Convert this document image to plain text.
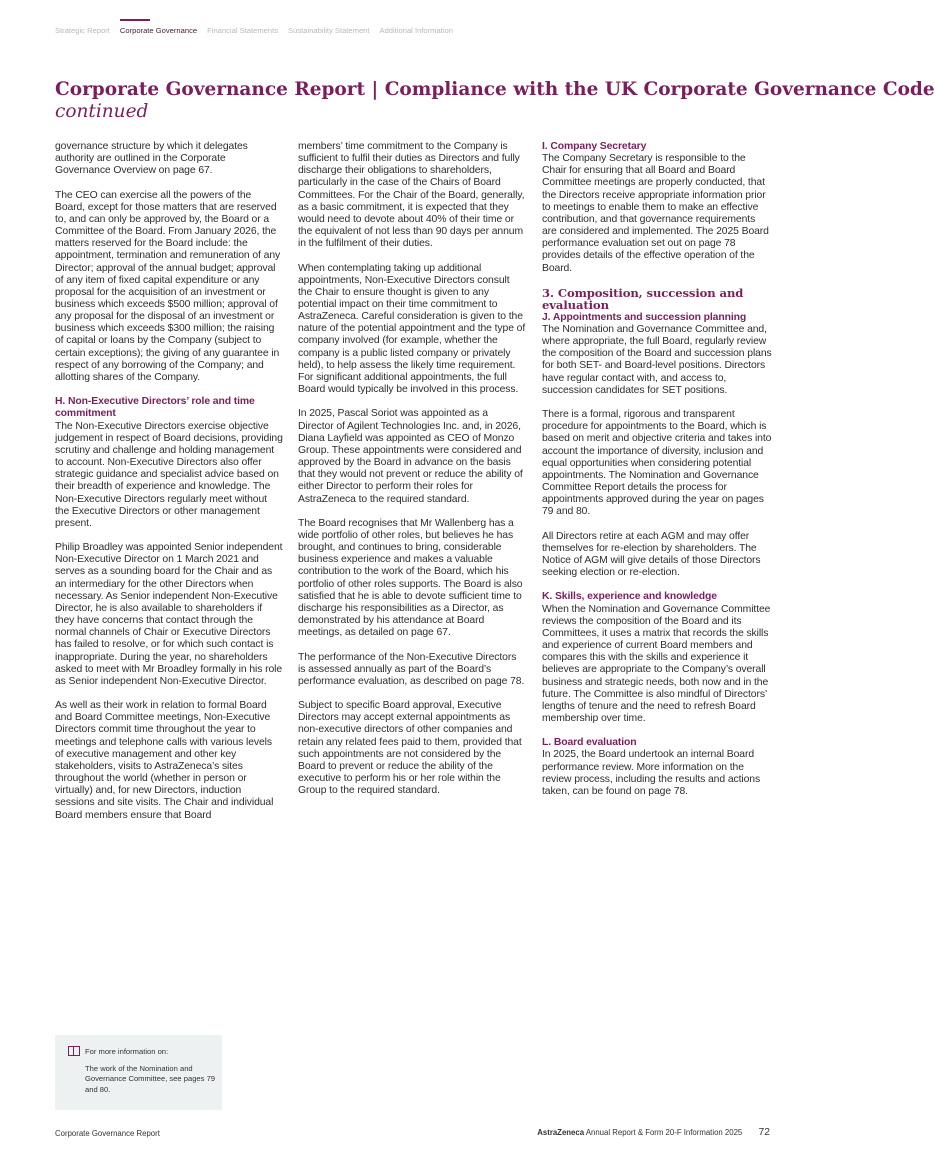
Strategic Report Corporate Governance Financial Statements Sustainability Statement Additional Information
Corporate Governance Report | Compliance with the UK Corporate Governance Code
continued

governance structure by which it delegates authority are outlined in the Corporate Governance Overview on page 67.

The CEO can exercise all the powers of the Board, except for those matters that are reserved to, and can only be approved by, the Board or a Committee of the Board. From January 2026, the matters reserved for the Board include: the appointment, termination and remuneration of any Director; approval of the annual budget; approval of any item of fixed capital expenditure or any proposal for the acquisition of an investment or business which exceeds $500 million; approval of any proposal for the disposal of an investment or business which exceeds $300 million; the raising of capital or loans by the Company (subject to certain exceptions); the giving of any guarantee in respect of any borrowing of the Company; and allotting shares of the Company.

H. Non-Executive Directors’ role and time commitment

The Non-Executive Directors exercise objective judgement in respect of Board decisions, providing scrutiny and challenge and holding management to account. Non-Executive Directors also offer strategic guidance and specialist advice based on their breadth of experience and knowledge. The Non-Executive Directors regularly meet without the Executive Directors or other management present.

Philip Broadley was appointed Senior independent Non-Executive Director on 1 March 2021 and serves as a sounding board for the Chair and as an intermediary for the other Directors when necessary. As Senior independent Non-Executive Director, he is also available to shareholders if they have concerns that contact through the normal channels of Chair or Executive Directors has failed to resolve, or for which such contact is inappropriate. During the year, no shareholders asked to meet with Mr Broadley formally in his role as Senior independent Non-Executive Director.

As well as their work in relation to formal Board and Board Committee meetings, Non-Executive Directors commit time throughout the year to meetings and telephone calls with various levels of executive management and other key stakeholders, visits to AstraZeneca’s sites throughout the world (whether in person or virtually) and, for new Directors, induction sessions and site visits. The Chair and individual Board members ensure that Board

members’ time commitment to the Company is sufficient to fulfil their duties as Directors and fully discharge their obligations to shareholders, particularly in the case of the Chairs of Board Committees. For the Chair of the Board, generally, as a basic commitment, it is expected that they would need to devote about 40% of their time or the equivalent of not less than 90 days per annum in the fulfilment of their duties.

When contemplating taking up additional appointments, Non-Executive Directors consult the Chair to ensure thought is given to any potential impact on their time commitment to AstraZeneca. Careful consideration is given to the nature of the potential appointment and the type of company involved (for example, whether the company is a public listed company or privately held), to help assess the likely time requirement. For significant additional appointments, the full Board would typically be involved in this process.

In 2025, Pascal Soriot was appointed as a Director of Agilent Technologies Inc. and, in 2026, Diana Layfield was appointed as CEO of Monzo Group. These appointments were considered and approved by the Board in advance on the basis that they would not prevent or reduce the ability of either Director to perform their roles for AstraZeneca to the required standard.

The Board recognises that Mr Wallenberg has a wide portfolio of other roles, but believes he has brought, and continues to bring, considerable business experience and makes a valuable contribution to the work of the Board, which his portfolio of other roles supports. The Board is also satisfied that he is able to devote sufficient time to discharge his responsibilities as a Director, as demonstrated by his attendance at Board meetings, as detailed on page 67.

The performance of the Non-Executive Directors is assessed annually as part of the Board’s performance evaluation, as described on page 78.

Subject to specific Board approval, Executive Directors may accept external appointments as non-executive directors of other companies and retain any related fees paid to them, provided that such appointments are not considered by the Board to prevent or reduce the ability of the executive to perform his or her role within the Group to the required standard.

I. Company Secretary

The Company Secretary is responsible to the Chair for ensuring that all Board and Board Committee meetings are properly conducted, that the Directors receive appropriate information prior to meetings to enable them to make an effective contribution, and that governance requirements are considered and implemented. The 2025 Board performance evaluation set out on page 78 provides details of the effective operation of the Board.

3. Composition, succession and evaluation
J. Appointments and succession planning

The Nomination and Governance Committee and, where appropriate, the full Board, regularly review the composition of the Board and succession plans for both SET- and Board-level positions. Directors have regular contact with, and access to, succession candidates for SET positions.

There is a formal, rigorous and transparent procedure for appointments to the Board, which is based on merit and objective criteria and takes into account the importance of diversity, inclusion and equal opportunities when considering potential appointments. The Nomination and Governance Committee Report details the process for appointments approved during the year on pages 79 and 80.

All Directors retire at each AGM and may offer themselves for re-election by shareholders. The Notice of AGM will give details of those Directors seeking election or re-election.

K. Skills, experience and knowledge

When the Nomination and Governance Committee reviews the composition of the Board and its Committees, it uses a matrix that records the skills and experience of current Board members and compares this with the skills and experience it believes are appropriate to the Company’s overall business and strategic needs, both now and in the future. The Committee is also mindful of Directors’ lengths of tenure and the need to refresh Board membership over time.

L. Board evaluation

In 2025, the Board undertook an internal Board performance review. More information on the review process, including the results and actions taken, can be found on page 78.

For more information on:
The work of the Nomination and Governance Committee, see pages 79 and 80.
Corporate Governance Report	AstraZeneca Annual Report & Form 20-F Information 2025 72
